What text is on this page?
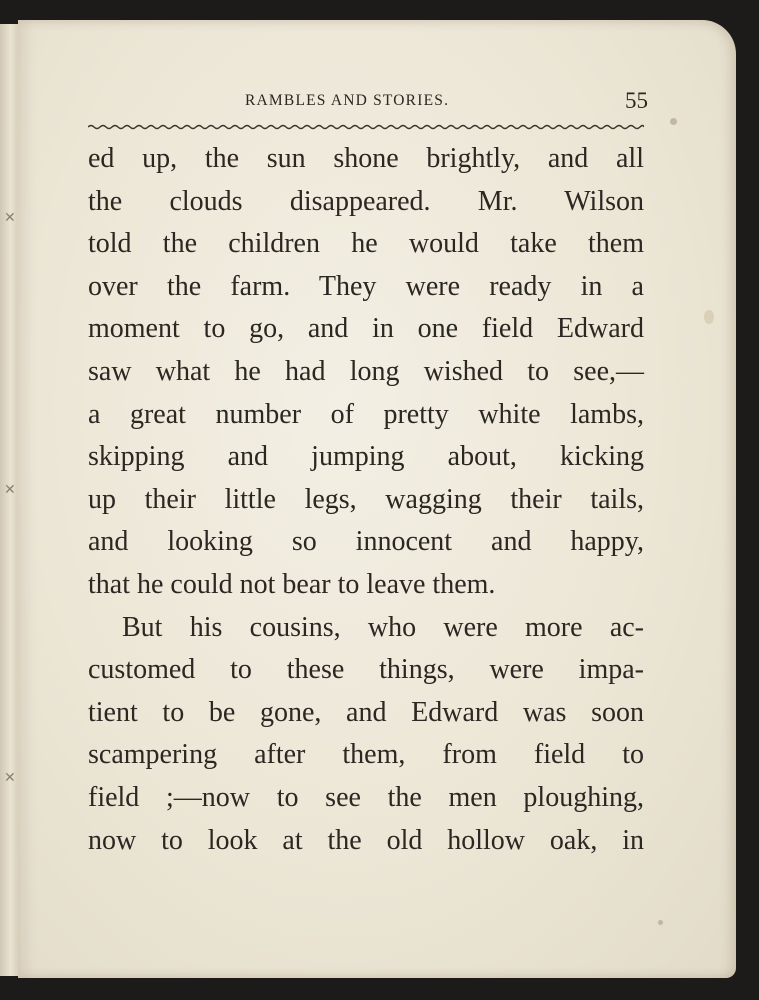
✕
✕
✕
RAMBLES AND STORIES.	55
ed up, the sun shone brightly, and all
the clouds disappeared. Mr. Wilson
told the children he would take them
over the farm. They were ready in a
moment to go, and in one field Edward
saw what he had long wished to see,—
a great number of pretty white lambs,
skipping and jumping about, kicking
up their little legs, wagging their tails,
and looking so innocent and happy,
that he could not bear to leave them.
But his cousins, who were more ac-
customed to these things, were impa-
tient to be gone, and Edward was soon
scampering after them, from field to
field ;—now to see the men ploughing,
now to look at the old hollow oak, in
